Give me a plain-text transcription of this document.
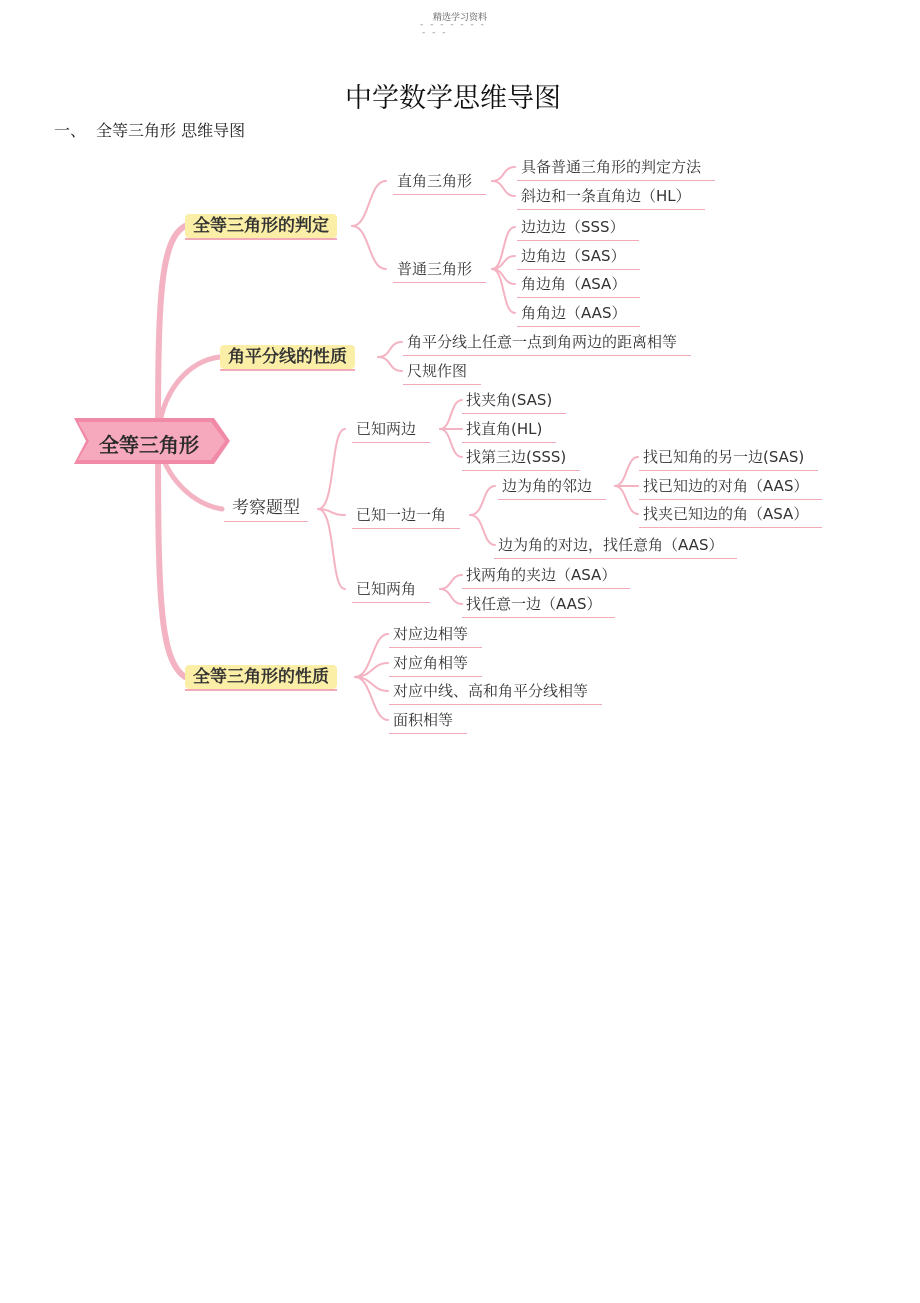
精选学习资料
- - - - - - -
- - -
中学数学思维导图
一、 全等三角形 思维导图
全等三角形
全等三角形的判定
角平分线的性质
考察题型
全等三角形的性质
直角三角形
具备普通三角形的判定方法
斜边和一条直角边（HL）
普通三角形
边边边（SSS）
边角边（SAS）
角边角（ASA）
角角边（AAS）
角平分线上任意一点到角两边的距离相等
尺规作图
已知两边
找夹角(SAS)
找直角(HL)
找第三边(SSS)
已知一边一角
边为角的邻边
找已知角的另一边(SAS)
找已知边的对角（AAS）
找夹已知边的角（ASA）
边为角的对边，找任意角（AAS）
已知两角
找两角的夹边（ASA）
找任意一边（AAS）
对应边相等
对应角相等
对应中线、高和角平分线相等
面积相等
